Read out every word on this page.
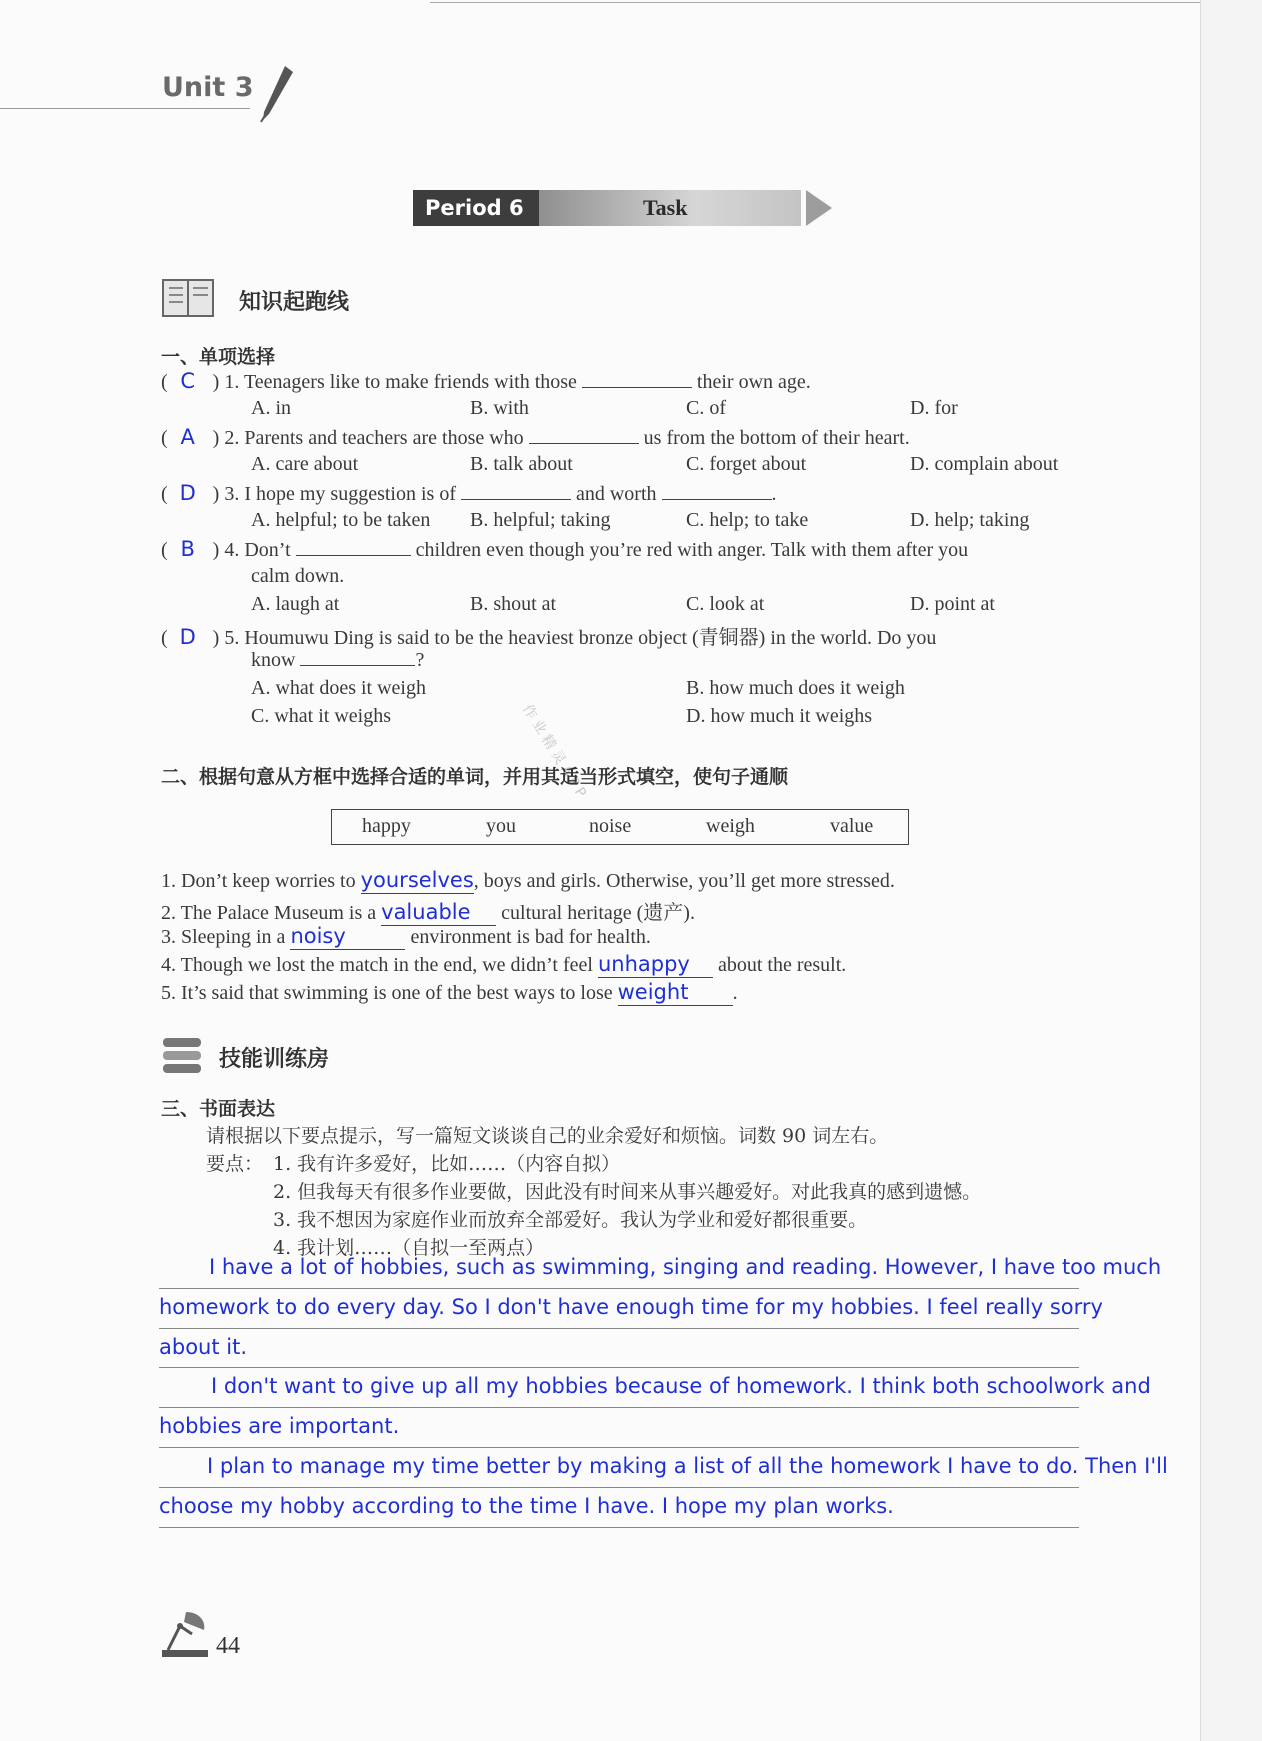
Unit 3
Period 6	Task
知识起跑线
一、单项选择
( C ) 1. Teenagers like to make friends with those	their own age.
A. in	B. with	C. of	D. for
( A ) 2. Parents and teachers are those who	us from the bottom of their heart.
A. care about	B. talk about	C. forget about	D. complain about
( D ) 3. I hope my suggestion is of	and worth	.
A. helpful; to be taken B. helpful; taking	C. help; to take	D. help; taking
( B ) 4. Don’t	children even though you’re red with anger. Talk with them after you
calm down.
A. laugh at	B. shout at	C. look at	D. point at
( D ) 5. Houmuwu Ding is said to be the heaviest bronze object (青铜器) in the world. Do you
know	?
A. what does it weigh	B. how much does it weigh
C. what it weighs	D. how much it weighs
作业精灵APP
二、根据句意从方框中选择合适的单词，并用其适当形式填空，使句子通顺
happy	you	noise	weigh	value
1. Don’t keep worries to yourselves, boys and girls. Otherwise, you’ll get more stressed.
2. The Palace Museum is a valuable cultural heritage (遗产).
3. Sleeping in a noisy	environment is bad for health.
4. Though we lost the match in the end, we didn’t feel unhappy about the result.
5. It’s said that swimming is one of the best ways to lose weight .
技能训练房
三、书面表达
请根据以下要点提示，写一篇短文谈谈自己的业余爱好和烦恼。词数 90 词左右。
要点： 1. 我有许多爱好，比如……（内容自拟）
2. 但我每天有很多作业要做，因此没有时间来从事兴趣爱好。对此我真的感到遗憾。
3. 我不想因为家庭作业而放弃全部爱好。我认为学业和爱好都很重要。
4. 我计划……（自拟一至两点）
I have a lot of hobbies, such as swimming, singing and reading. However, I have too much
homework to do every day. So I don't have enough time for my hobbies. I feel really sorry
about it.
I don't want to give up all my hobbies because of homework. I think both schoolwork and
hobbies are important.
I plan to manage my time better by making a list of all the homework I have to do. Then I'll
choose my hobby according to the time I have. I hope my plan works.
44
